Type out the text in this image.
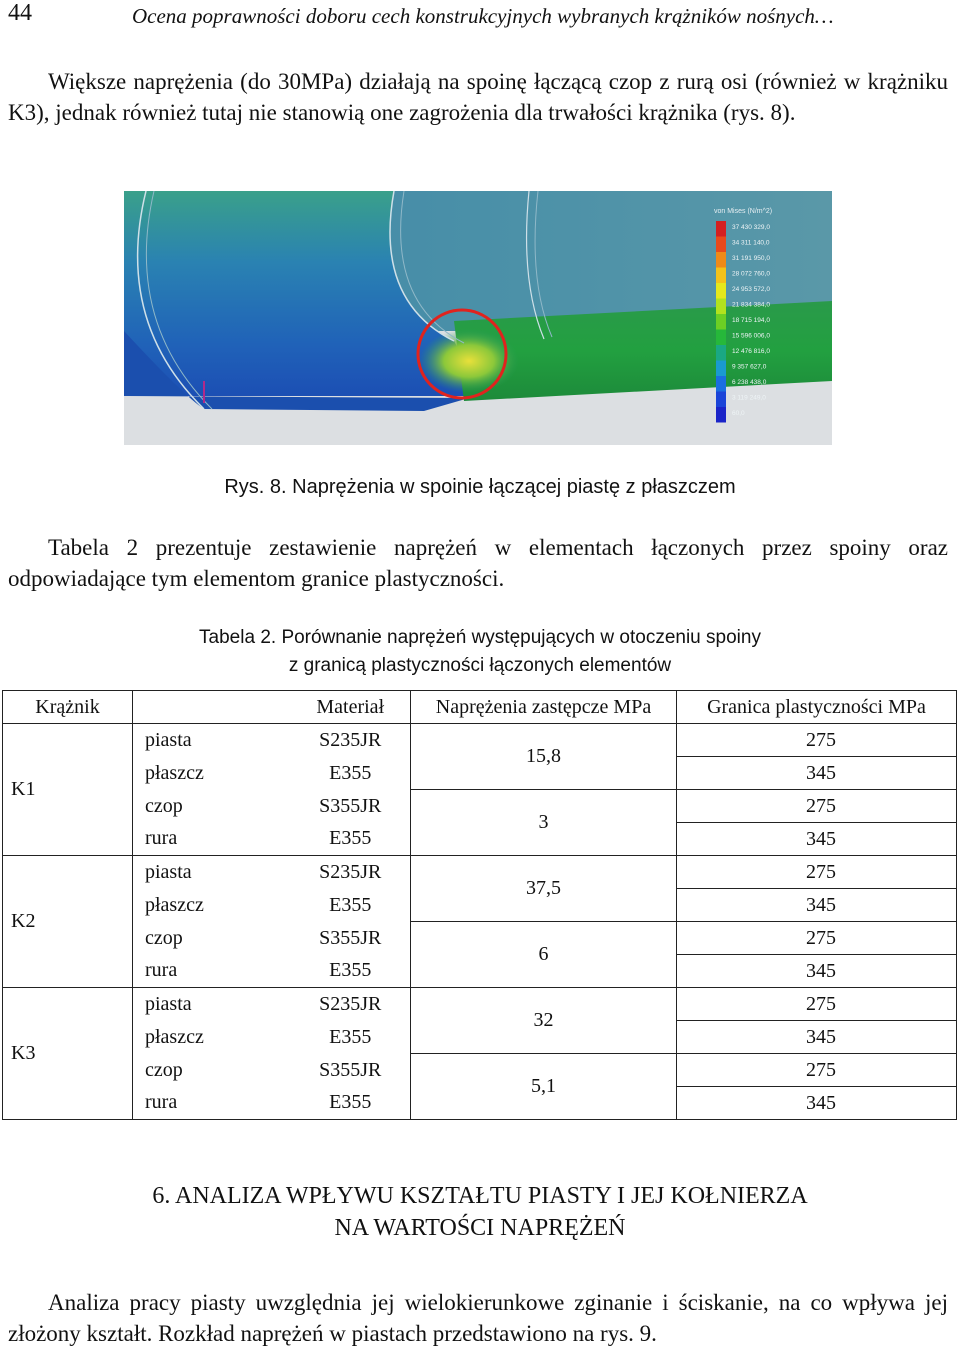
44	Ocena poprawności doboru cech konstrukcyjnych wybranych krążników nośnych…

Większe naprężenia (do 30MPa) działają na spoinę łączącą czop z rurą osi (również w krążniku K3), jednak również tutaj nie stanowią one zagrożenia dla trwałości krążnika (rys. 8).

von Mises (N/m^2)
37 430 329,0
34 311 140,0
31 191 950,0
28 072 760,0
24 953 572,0
21 834 384,0
18 715 194,0
15 596 006,0
12 476 816,0
9 357 627,0
6 238 438,0
3 119 249,0
60,0
Rys. 8. Naprężenia w spoinie łączącej piastę z płaszczem

Tabela 2 prezentuje zestawienie naprężeń w elementach łączonych przez spoiny oraz odpowiadające tym elementom granice plastyczności.

Tabela 2. Porównanie naprężeń występujących w otoczeniu spoiny
z granicą plastyczności łączonych elementów
Krążnik		Materiał	Naprężenia zastępcze MPa	Granica plastyczności MPa
K1	piasta	S235JR	15,8	275
	płaszcz	E355		345
	czop	S355JR	3	275
	rura	E355		345
K2	piasta	S235JR	37,5	275
	płaszcz	E355		345
	czop	S355JR	6	275
	rura	E355		345
K3	piasta	S235JR	32	275
	płaszcz	E355		345
	czop	S355JR	5,1	275
	rura	E355		345
6. ANALIZA WPŁYWU KSZTAŁTU PIASTY I JEJ KOŁNIERZA
NA WARTOŚCI NAPRĘŻEŃ

Analiza pracy piasty uwzględnia jej wielokierunkowe zginanie i ściskanie, na co wpływa jej złożony kształt. Rozkład naprężeń w piastach przedstawiono na rys. 9.
